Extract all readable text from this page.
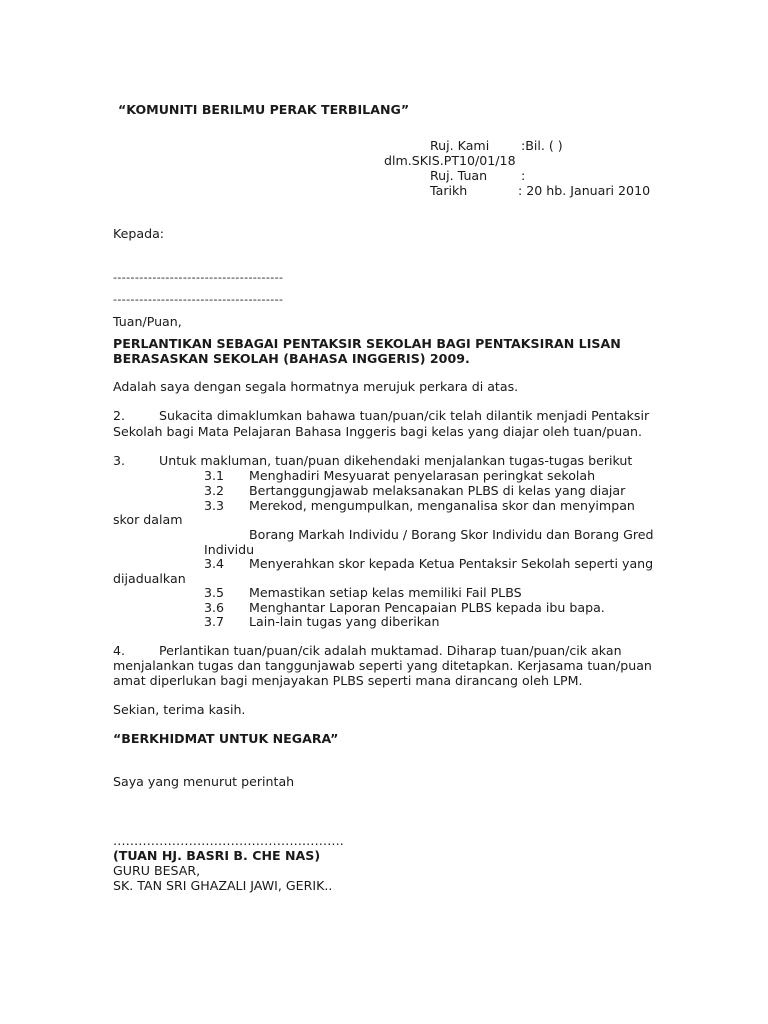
“KOMUNITI BERILMU PERAK TERBILANG”
Ruj. Kami	:Bil. ( )
dlm.SKIS.PT10/01/18
Ruj. Tuan	:
Tarikh	: 20 hb. Januari 2010
Kepada:
---------------------------------------
---------------------------------------
Tuan/Puan,
PERLANTIKAN SEBAGAI PENTAKSIR SEKOLAH BAGI PENTAKSIRAN LISAN
BERASASKAN SEKOLAH (BAHASA INGGERIS) 2009.
Adalah saya dengan segala hormatnya merujuk perkara di atas.
2.	Sukacita dimaklumkan bahawa tuan/puan/cik telah dilantik menjadi Pentaksir
Sekolah bagi Mata Pelajaran Bahasa Inggeris bagi kelas yang diajar oleh tuan/puan.
3.	Untuk makluman, tuan/puan dikehendaki menjalankan tugas-tugas berikut
3.1 Menghadiri Mesyuarat penyelarasan peringkat sekolah
3.2 Bertanggungjawab melaksanakan PLBS di kelas yang diajar
3.3 Merekod, mengumpulkan, menganalisa skor dan menyimpan
skor dalam
Borang Markah Individu / Borang Skor Individu dan Borang Gred
Individu
3.4 Menyerahkan skor kepada Ketua Pentaksir Sekolah seperti yang
dijadualkan
3.5 Memastikan setiap kelas memiliki Fail PLBS
3.6 Menghantar Laporan Pencapaian PLBS kepada ibu bapa.
3.7 Lain-lain tugas yang diberikan
4.	Perlantikan tuan/puan/cik adalah muktamad. Diharap tuan/puan/cik akan
menjalankan tugas dan tanggunjawab seperti yang ditetapkan. Kerjasama tuan/puan
amat diperlukan bagi menjayakan PLBS seperti mana dirancang oleh LPM.
Sekian, terima kasih.
“BERKHIDMAT UNTUK NEGARA”
Saya yang menurut perintah
……………………………………………….
(TUAN HJ. BASRI B. CHE NAS)
GURU BESAR,
SK. TAN SRI GHAZALI JAWI, GERIK..
